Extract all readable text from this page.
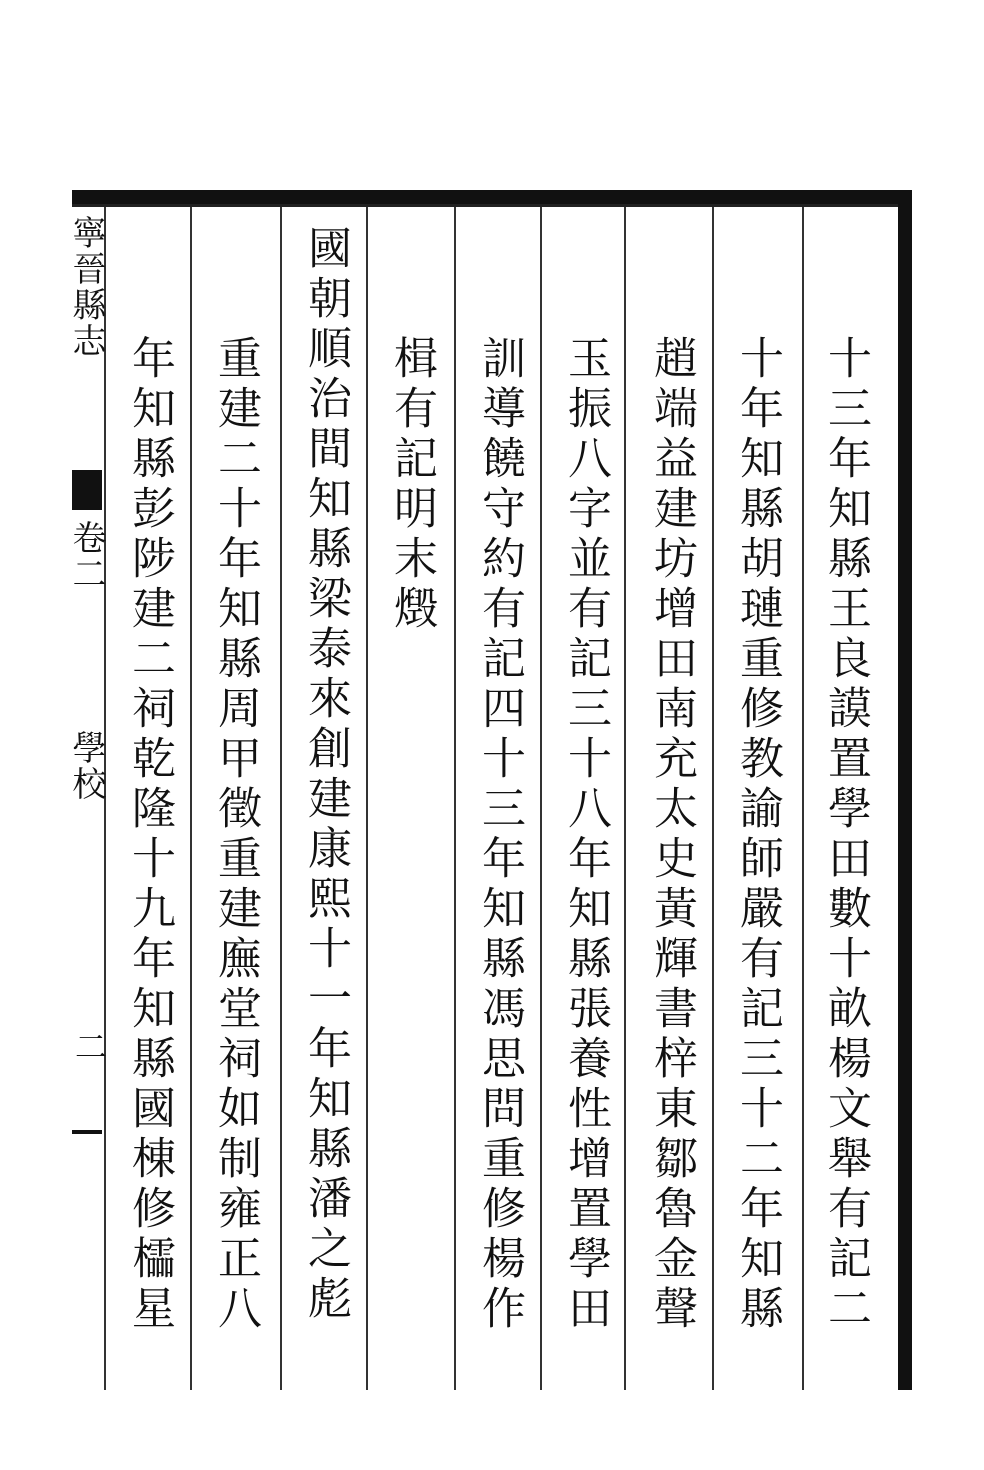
十三年知縣王良謨置學田數十畝楊文舉有記二
十年知縣胡璉重修教諭師嚴有記三十二年知縣
趙端益建坊增田南充太史黃輝書梓東鄒魯金聲
玉振八字並有記三十八年知縣張養性增置學田
訓導饒守約有記四十三年知縣馮思問重修楊作
楫有記明末燬
國朝順治間知縣梁泰來創建康熙十一年知縣潘之彪
重建二十年知縣周甲徵重建廡堂祠如制雍正八
年知縣彭陟建二祠乾隆十九年知縣國棟修櫺星
寧晉縣志
卷二
學校
二
